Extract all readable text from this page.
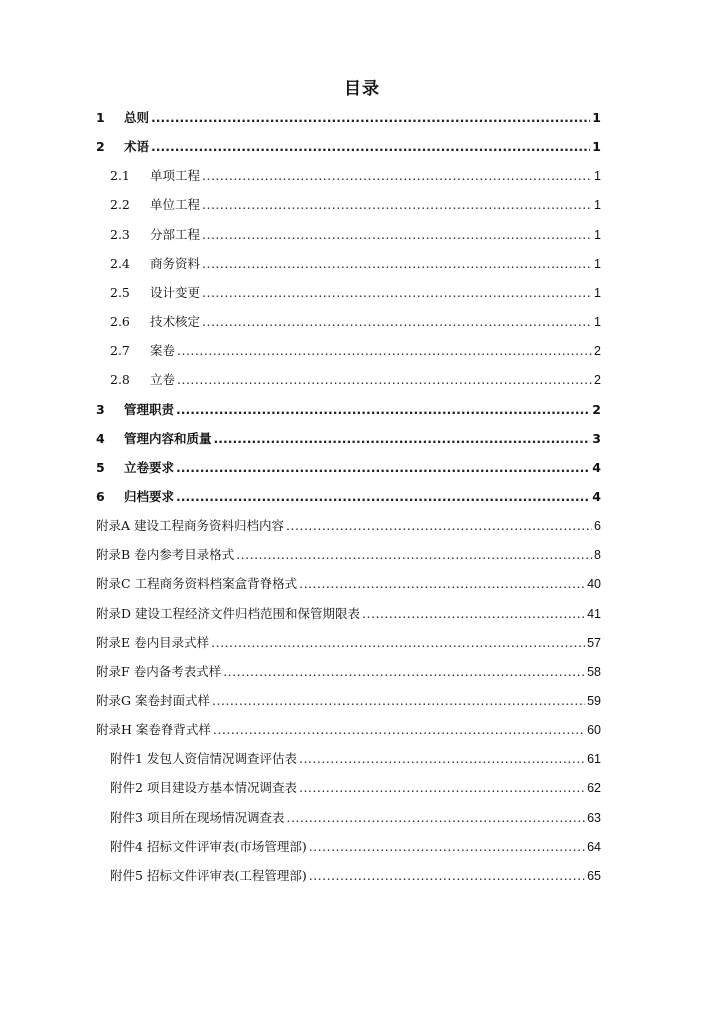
目录
1 总则 .....	1
2 术语 .....	1
2.1 单项工程 .....	1
2.2 单位工程 .....	1
2.3 分部工程 .....	1
2.4 商务资料 .....	1
2.5 设计变更 .....	1
2.6 技术核定 .....	1
2.7 案卷 .....	2
2.8 立卷 .....	2
3 管理职责 .....	2
4 管理内容和质量 .....	3
5 立卷要求 .....	4
6 归档要求 .....	4
附录A 建设工程商务资料归档内容 .....	6
附录B 卷内参考目录格式 .....	8
附录C 工程商务资料档案盒背脊格式 .....	40
附录D 建设工程经济文件归档范围和保管期限表 .....	41
附录E 卷内目录式样 .....	57
附录F 卷内备考表式样 .....	58
附录G 案卷封面式样 .....	59
附录H 案卷脊背式样 .....	60
附件1 发包人资信情况调查评估表 .....	61
附件2 项目建设方基本情况调查表 .....	62
附件3 项目所在现场情况调查表 .....	63
附件4 招标文件评审表(市场管理部) .....	64
附件5 招标文件评审表(工程管理部) .....	65
